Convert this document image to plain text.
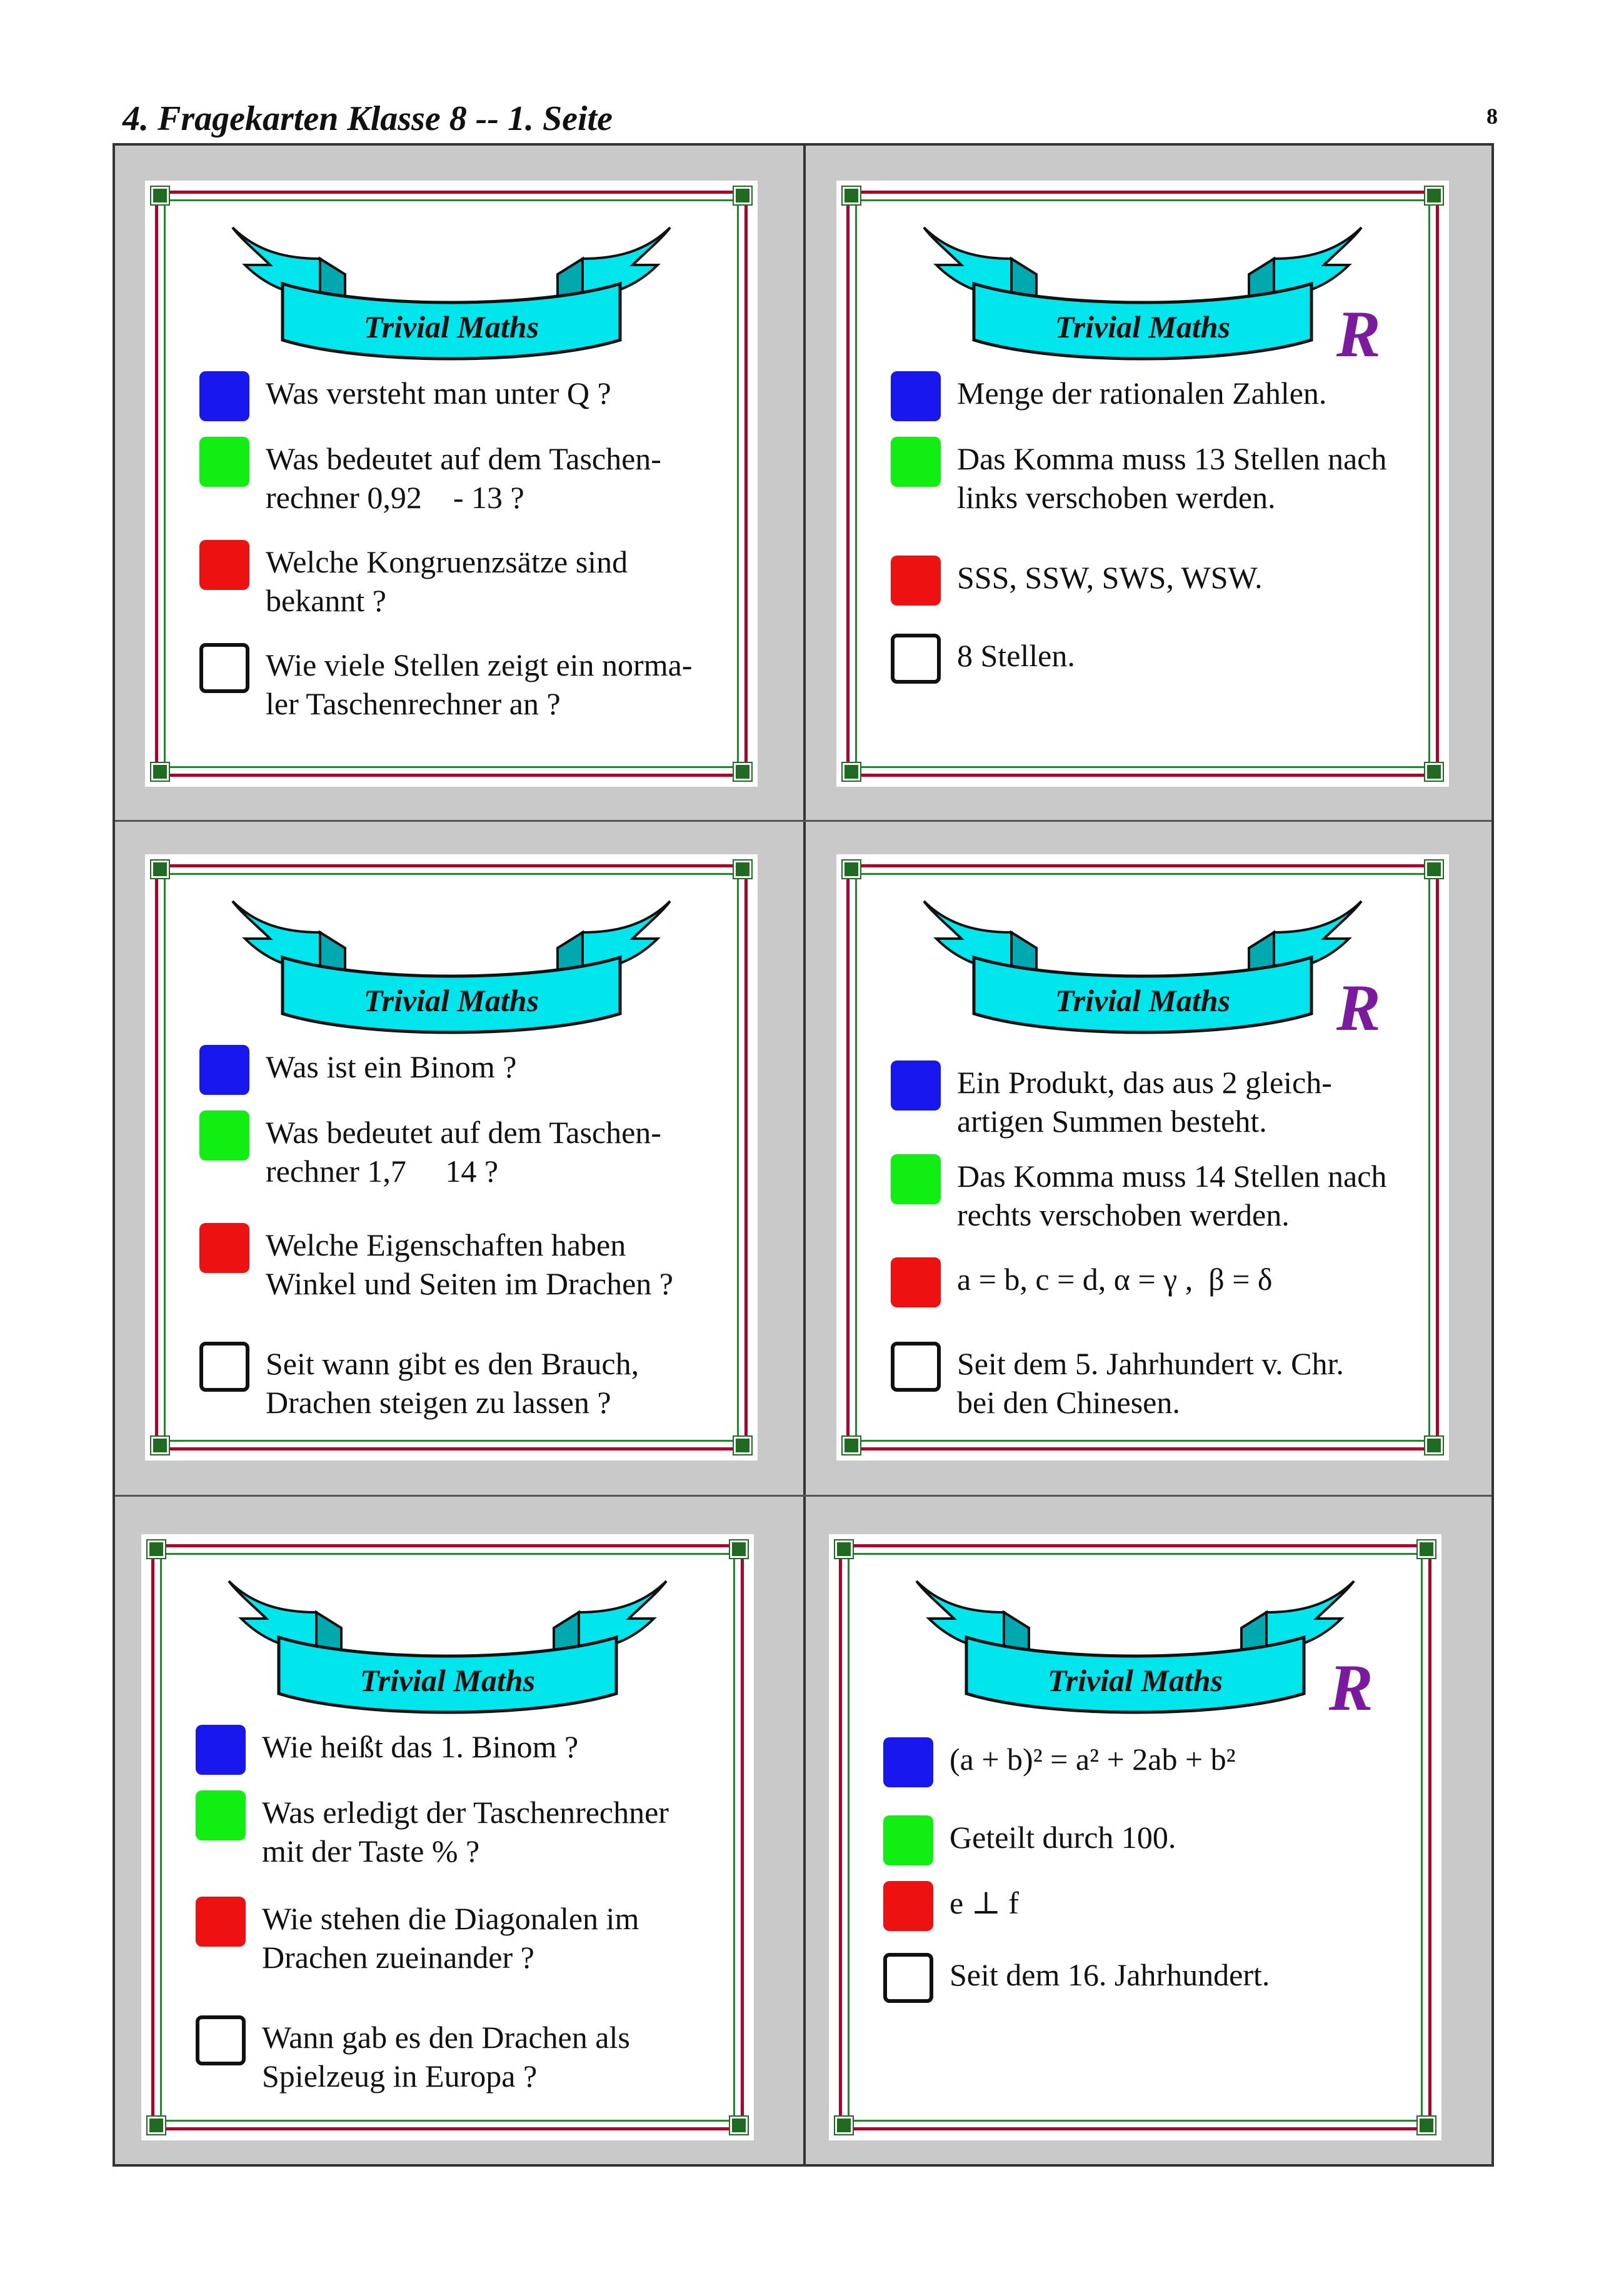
4. Fragekarten Klasse 8 -- 1. Seite	8
Trivial Maths
Was versteht man unter Q ?
Was bedeutet auf dem Taschen-
rechner 0,92    - 13 ?
Welche Kongruenzsätze sind
bekannt ?
Wie viele Stellen zeigt ein norma-
ler Taschenrechner an ?
Trivial Maths	R
Menge der rationalen Zahlen.
Das Komma muss 13 Stellen nach
links verschoben werden.
SSS, SSW, SWS, WSW.
8 Stellen.
Trivial Maths
Was ist ein Binom ?
Was bedeutet auf dem Taschen-
rechner 1,7     14 ?
Welche Eigenschaften haben
Winkel und Seiten im Drachen ?
Seit wann gibt es den Brauch,
Drachen steigen zu lassen ?
Trivial Maths	R
Ein Produkt, das aus 2 gleich-
artigen Summen besteht.
Das Komma muss 14 Stellen nach
rechts verschoben werden.
a = b, c = d, α = γ ,  β = δ
Seit dem 5. Jahrhundert v. Chr.
bei den Chinesen.
Trivial Maths
Wie heißt das 1. Binom ?
Was erledigt der Taschenrechner
mit der Taste % ?
Wie stehen die Diagonalen im
Drachen zueinander ?
Wann gab es den Drachen als
Spielzeug in Europa ?
Trivial Maths	R
(a + b)² = a² + 2ab + b²
Geteilt durch 100.
e ⊥ f
Seit dem 16. Jahrhundert.
